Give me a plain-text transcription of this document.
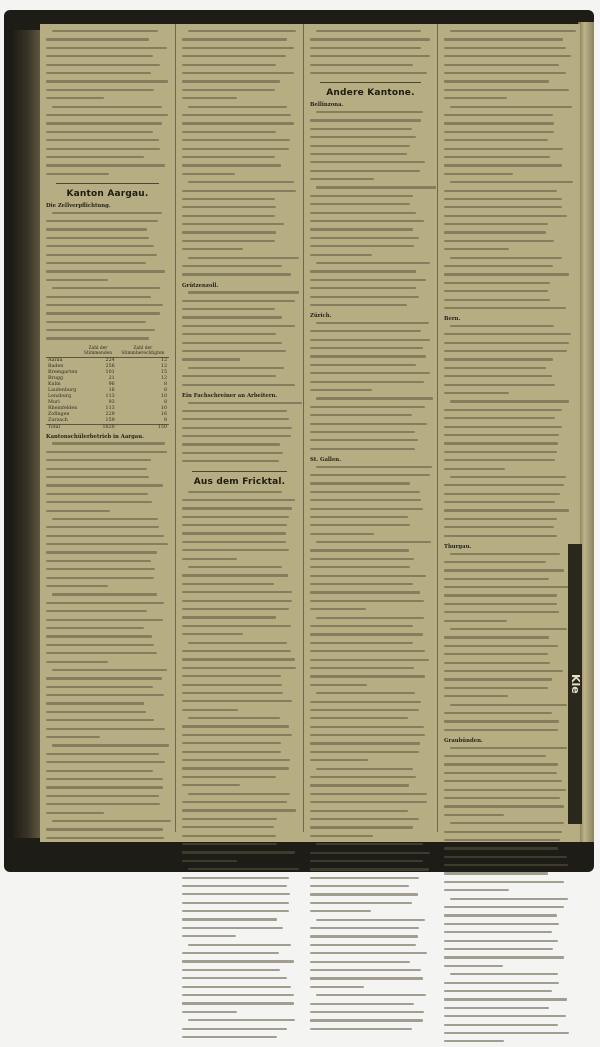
Kanton Aargau.
Die Zellverpflichtung.
	Zahl der Stimmenden	Zahl der Stimmberechtigten
Aarau	224	12
Baden	256	12
Bremgarten	101	15
Brugg	21	12
Kulm	96	8
Laufenburg	16	8
Lenzburg	113	10
Muri	93	8
Rheinfelden	113	10
Zofingen	229	16
Zurzach	159	8
Total	1620	150
Kantonschülerbetrieb in Aargau.
Grützenzoll.
Ein Fachschreiner an Arbeitern.
Aus dem Fricktal.
Andere Kantone.
Bellinzona.
Zürich.
St. Gallen.
Bern.
Thurgau.
Graubünden.
Kle
